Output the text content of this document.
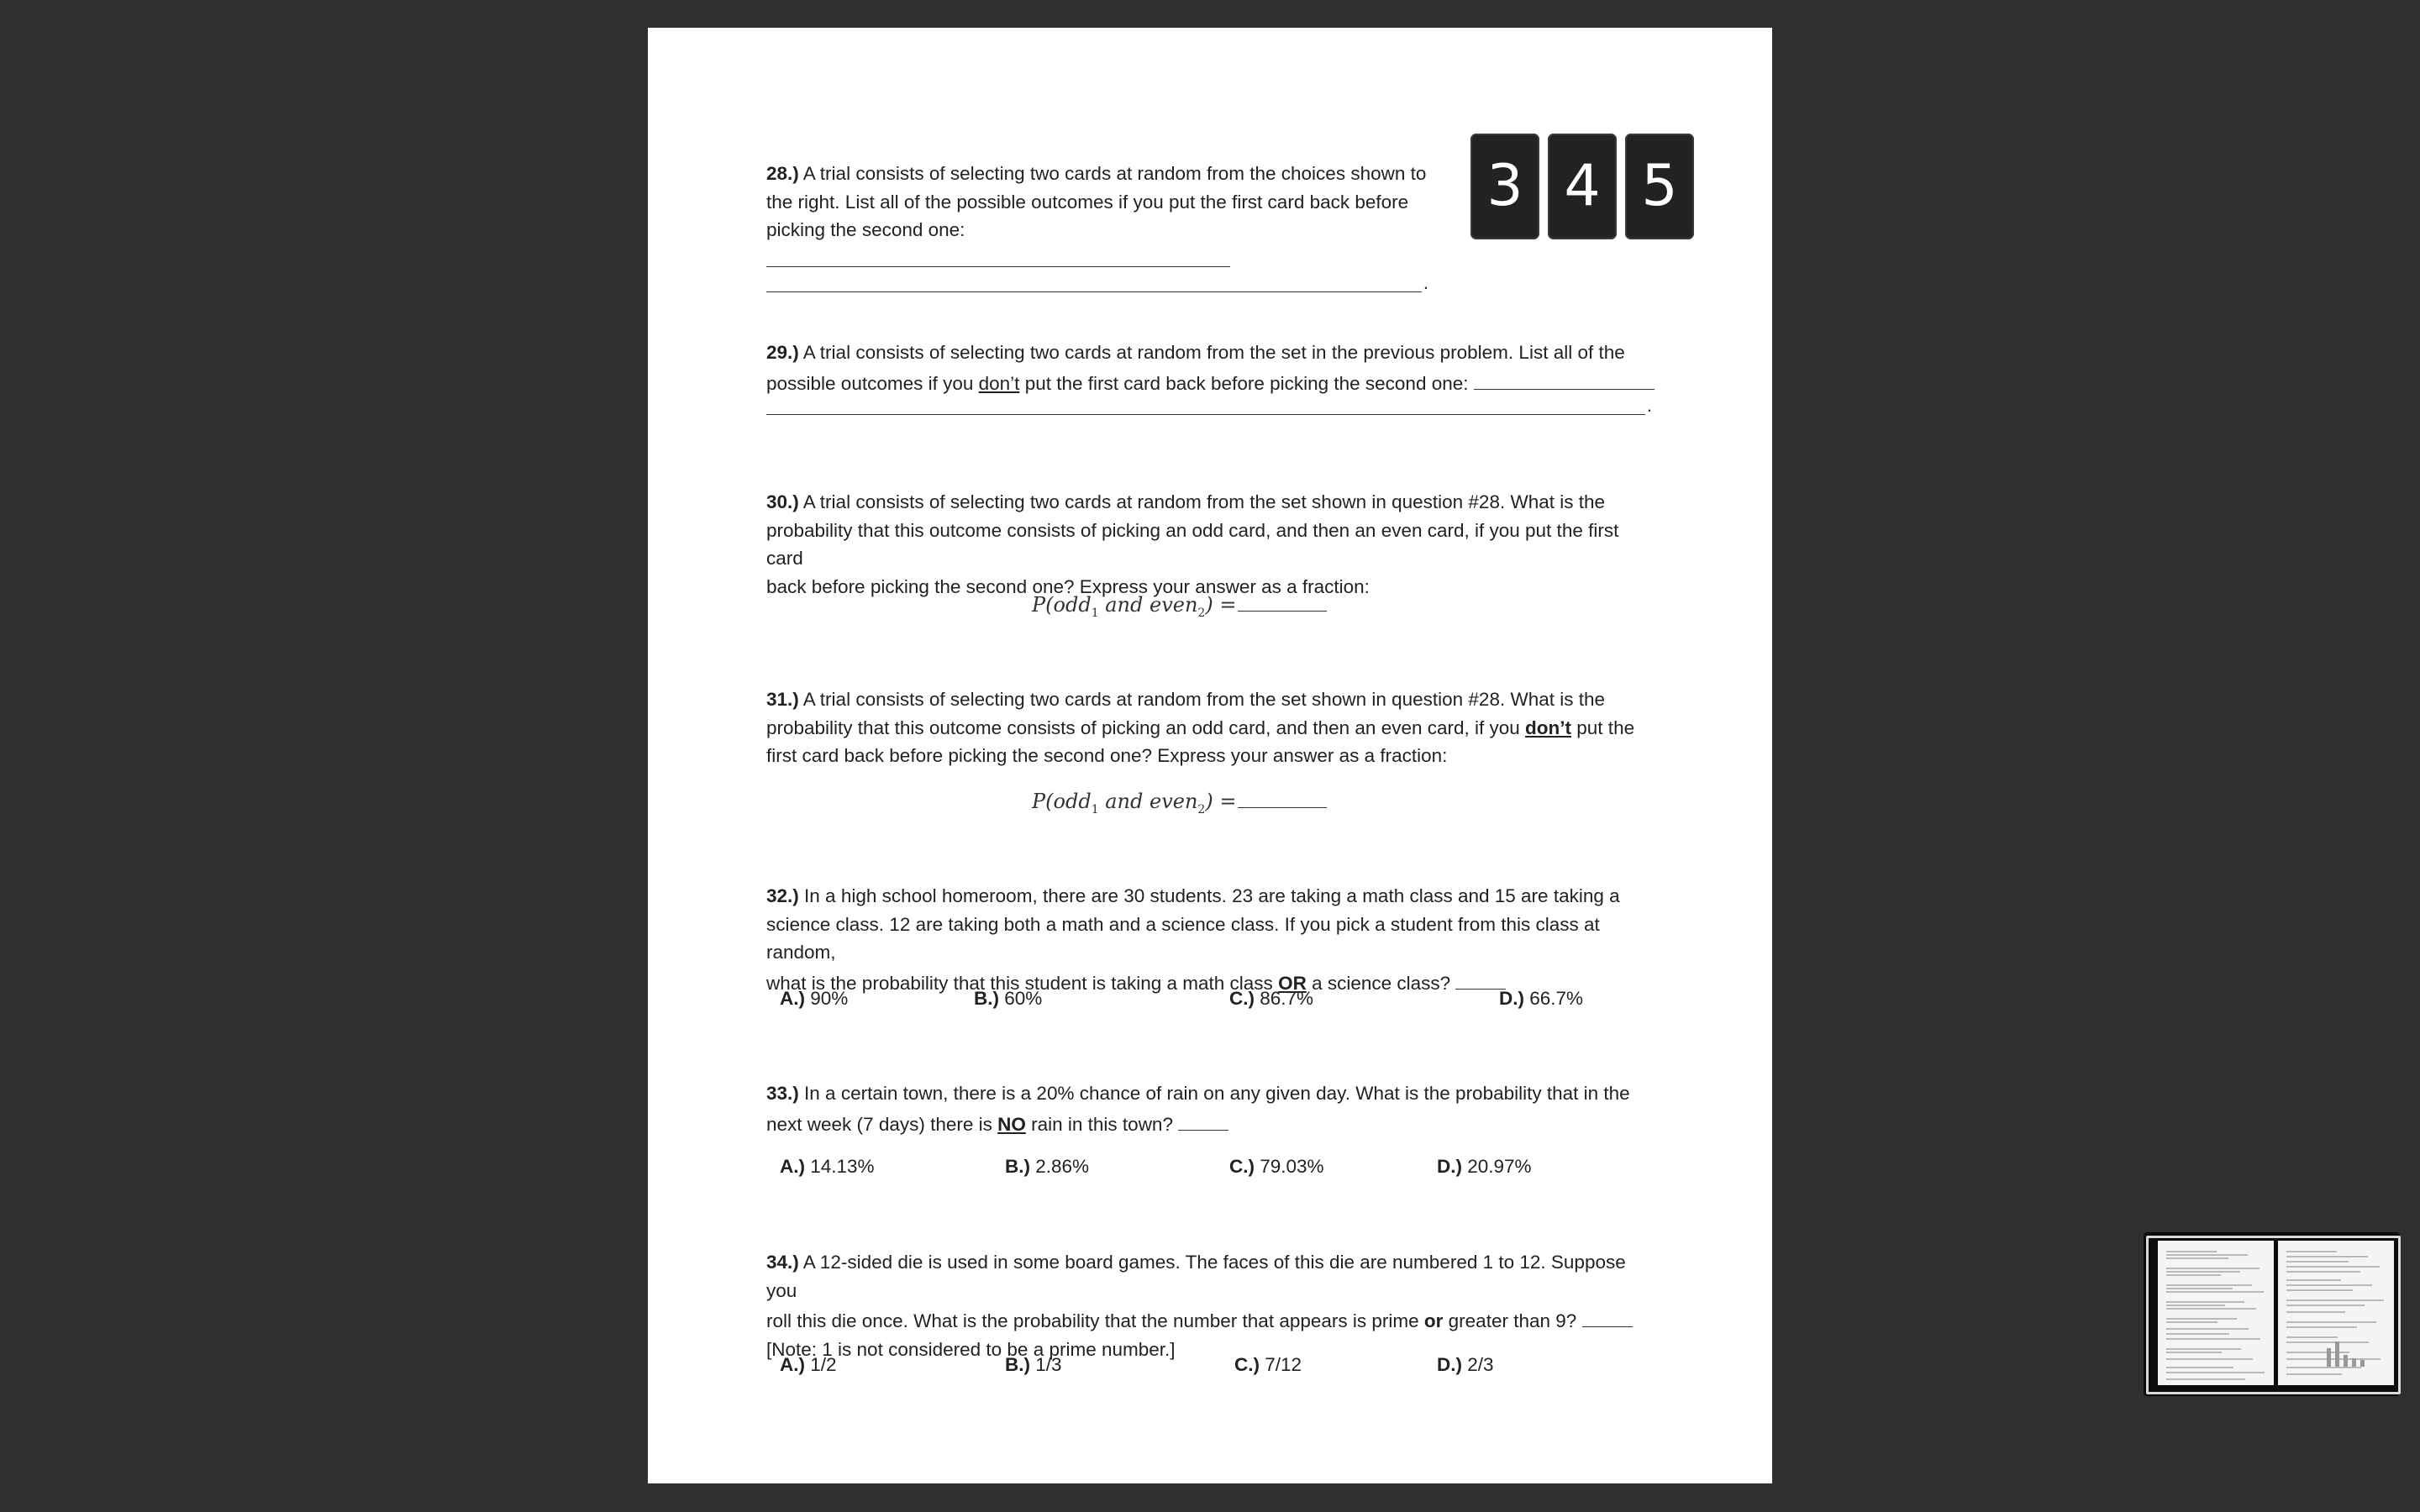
28.) A trial consists of selecting two cards at random from the choices shown to
the right. List all of the possible outcomes if you put the first card back before
picking the second one:
.
3 4 5
29.) A trial consists of selecting two cards at random from the set in the previous problem. List all of the
possible outcomes if you don’t put the first card back before picking the second one:
.
30.) A trial consists of selecting two cards at random from the set shown in question #28. What is the
probability that this outcome consists of picking an odd card, and then an even card, if you put the first card
back before picking the second one? Express your answer as a fraction:
P(odd$_1$ and even$_2$) =
31.) A trial consists of selecting two cards at random from the set shown in question #28. What is the
probability that this outcome consists of picking an odd card, and then an even card, if you don’t put the
first card back before picking the second one? Express your answer as a fraction:
P(odd$_1$ and even$_2$) =
32.) In a high school homeroom, there are 30 students. 23 are taking a math class and 15 are taking a
science class. 12 are taking both a math and a science class. If you pick a student from this class at random,
what is the probability that this student is taking a math class OR a science class?
A.) 90%	B.) 60%	C.) 86.7%	D.) 66.7%
33.) In a certain town, there is a 20% chance of rain on any given day. What is the probability that in the
next week (7 days) there is NO rain in this town?
A.) 14.13%	B.) 2.86%	C.) 79.03%	D.) 20.97%
34.) A 12-sided die is used in some board games. The faces of this die are numbered 1 to 12. Suppose you
roll this die once. What is the probability that the number that appears is prime or greater than 9?
[Note: 1 is not considered to be a prime number.]
A.) 1/2	B.) 1/3	C.) 7/12	D.) 2/3
